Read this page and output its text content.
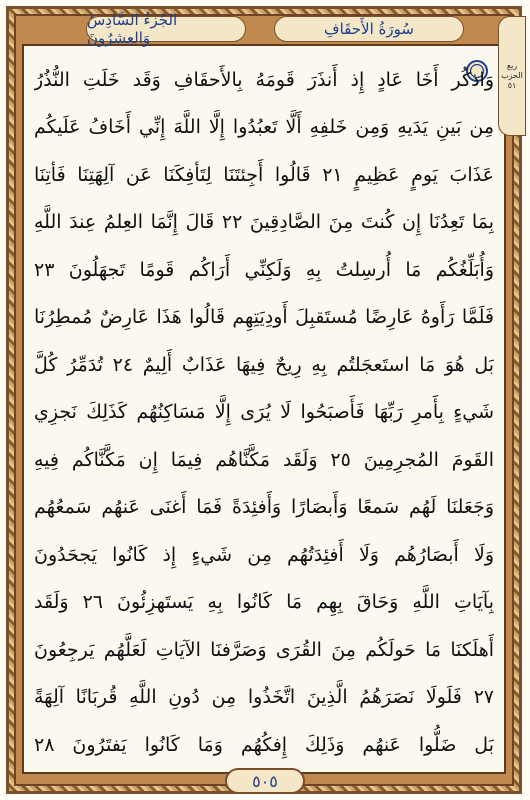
الجُزءُ السَّادِسُ وَالعِشرُونَ	سُورَةُ الأَحقَافِ
ربع
الحزب
٥١
وَاذكُر أَخَا عَادٍ إِذ أَنذَرَ قَومَهُ بِالأَحقَافِ وَقَد خَلَتِ النُّذُرُ
مِن بَينِ يَدَيهِ وَمِن خَلفِهِ أَلَّا تَعبُدُوا إِلَّا اللَّهَ إِنِّي أَخَافُ عَلَيكُم
عَذَابَ يَومٍ عَظِيمٍ ٢١ قَالُوا أَجِئتَنَا لِتَأفِكَنَا عَن آلِهَتِنَا فَأتِنَا
بِمَا تَعِدُنَا إِن كُنتَ مِنَ الصَّادِقِينَ ٢٢ قَالَ إِنَّمَا العِلمُ عِندَ اللَّهِ
وَأُبَلِّغُكُم مَا أُرسِلتُ بِهِ وَلَكِنِّي أَرَاكُم قَومًا تَجهَلُونَ ٢٣
فَلَمَّا رَأَوهُ عَارِضًا مُستَقبِلَ أَودِيَتِهِم قَالُوا هَذَا عَارِضٌ مُمطِرُنَا
بَل هُوَ مَا استَعجَلتُم بِهِ رِيحٌ فِيهَا عَذَابٌ أَلِيمٌ ٢٤ تُدَمِّرُ كُلَّ
شَيءٍ بِأَمرِ رَبِّهَا فَأَصبَحُوا لَا يُرَى إِلَّا مَسَاكِنُهُم كَذَلِكَ نَجزِي
القَومَ المُجرِمِينَ ٢٥ وَلَقَد مَكَّنَّاهُم فِيمَا إِن مَكَّنَّاكُم فِيهِ
وَجَعَلنَا لَهُم سَمعًا وَأَبصَارًا وَأَفئِدَةً فَمَا أَغنَى عَنهُم سَمعُهُم
وَلَا أَبصَارُهُم وَلَا أَفئِدَتُهُم مِن شَيءٍ إِذ كَانُوا يَجحَدُونَ
بِآيَاتِ اللَّهِ وَحَاقَ بِهِم مَا كَانُوا بِهِ يَستَهزِئُونَ ٢٦ وَلَقَد
أَهلَكنَا مَا حَولَكُم مِنَ القُرَى وَصَرَّفنَا الآيَاتِ لَعَلَّهُم يَرجِعُونَ
٢٧ فَلَولَا نَصَرَهُمُ الَّذِينَ اتَّخَذُوا مِن دُونِ اللَّهِ قُربَانًا آلِهَةً
بَل ضَلُّوا عَنهُم وَذَلِكَ إِفكُهُم وَمَا كَانُوا يَفتَرُونَ ٢٨
٥٠٥
